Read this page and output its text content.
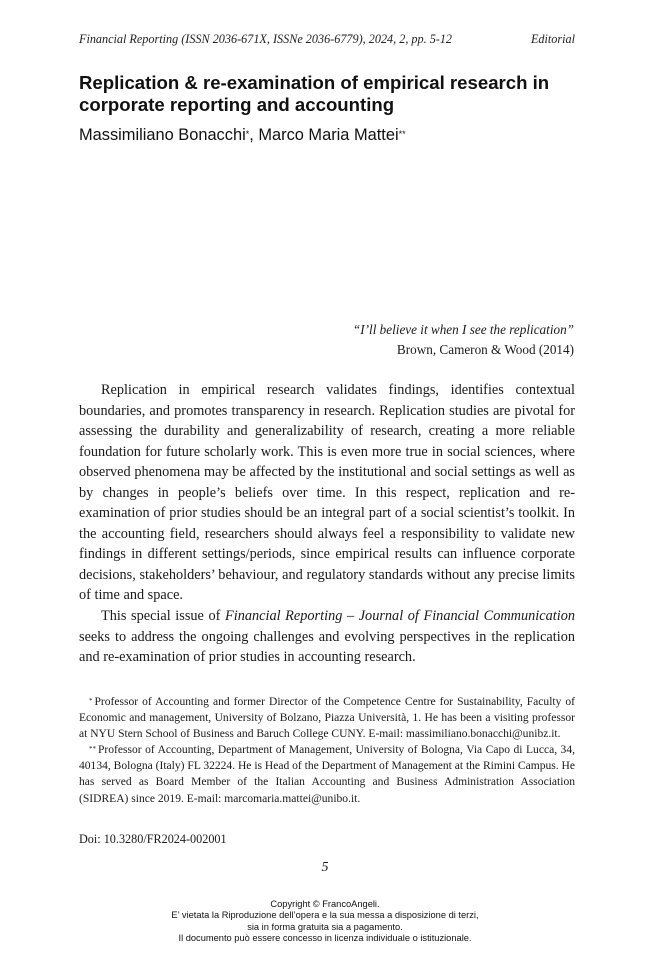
Financial Reporting (ISSN 2036-671X, ISSNe 2036-6779), 2024, 2, pp. 5-12	Editorial
Replication & re-examination of empirical research in corporate reporting and accounting
Massimiliano Bonacchi*, Marco Maria Mattei**
“I’ll believe it when I see the replication”
Brown, Cameron & Wood (2014)

Replication in empirical research validates findings, identifies contextual boundaries, and promotes transparency in research. Replication studies are pivotal for assessing the durability and generalizability of research, creating a more reliable foundation for future scholarly work. This is even more true in social sciences, where observed phenomena may be affected by the institutional and social settings as well as by changes in people’s beliefs over time. In this respect, replication and re-examination of prior studies should be an integral part of a social scientist’s toolkit. In the accounting field, researchers should always feel a responsibility to validate new findings in different settings/periods, since empirical results can influence corporate decisions, stakeholders’ behaviour, and regulatory standards without any precise limits of time and space.

This special issue of Financial Reporting – Journal of Financial Communication seeks to address the ongoing challenges and evolving perspectives in the replication and re-examination of prior studies in accounting research.

* Professor of Accounting and former Director of the Competence Centre for Sustainability, Faculty of Economic and management, University of Bolzano, Piazza Università, 1. He has been a visiting professor at NYU Stern School of Business and Baruch College CUNY. E-mail: massimiliano.bonacchi@unibz.it.

** Professor of Accounting, Department of Management, University of Bologna, Via Capo di Lucca, 34, 40134, Bologna (Italy) FL 32224. He is Head of the Department of Management at the Rimini Campus. He has served as Board Member of the Italian Accounting and Business Administration Association (SIDREA) since 2019. E-mail: marcomaria.mattei@unibo.it.

Doi: 10.3280/FR2024-002001
5
Copyright © FrancoAngeli.
E’ vietata la Riproduzione dell’opera e la sua messa a disposizione di terzi,
sia in forma gratuita sia a pagamento.
Il documento può essere concesso in licenza individuale o istituzionale.
